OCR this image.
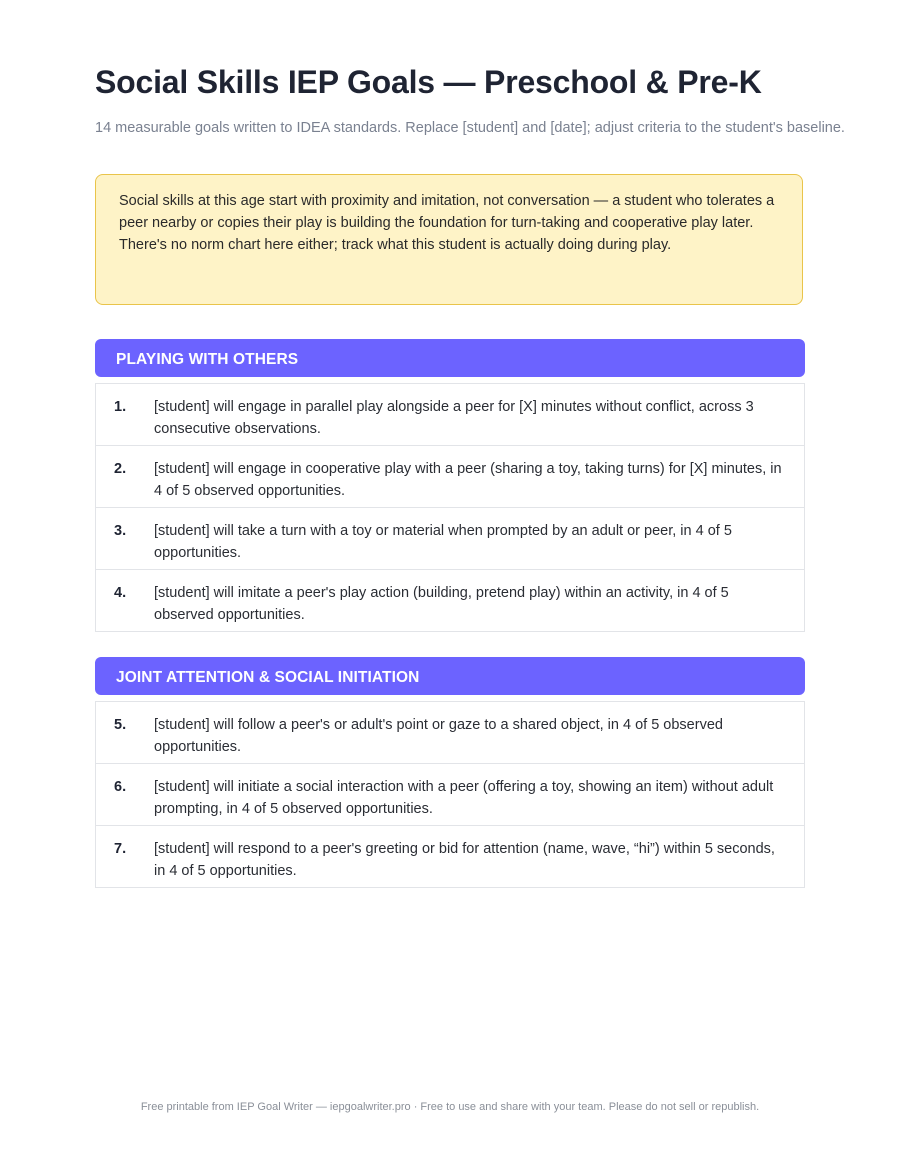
Social Skills IEP Goals — Preschool & Pre-K

14 measurable goals written to IDEA standards. Replace [student] and [date]; adjust criteria to the student's baseline.

Social skills at this age start with proximity and imitation, not conversation — a student who tolerates a peer nearby or copies their play is building the foundation for turn-taking and cooperative play later. There's no norm chart here either; track what this student is actually doing during play.
PLAYING WITH OTHERS
1. [student] will engage in parallel play alongside a peer for [X] minutes without conflict, across 3 consecutive observations.
2. [student] will engage in cooperative play with a peer (sharing a toy, taking turns) for [X] minutes, in 4 of 5 observed opportunities.
3. [student] will take a turn with a toy or material when prompted by an adult or peer, in 4 of 5 opportunities.
4. [student] will imitate a peer's play action (building, pretend play) within an activity, in 4 of 5 observed opportunities.
JOINT ATTENTION & SOCIAL INITIATION
5. [student] will follow a peer's or adult's point or gaze to a shared object, in 4 of 5 observed opportunities.
6. [student] will initiate a social interaction with a peer (offering a toy, showing an item) without adult prompting, in 4 of 5 observed opportunities.
7. [student] will respond to a peer's greeting or bid for attention (name, wave, “hi”) within 5 seconds, in 4 of 5 opportunities.
Free printable from IEP Goal Writer — iepgoalwriter.pro · Free to use and share with your team. Please do not sell or republish.
